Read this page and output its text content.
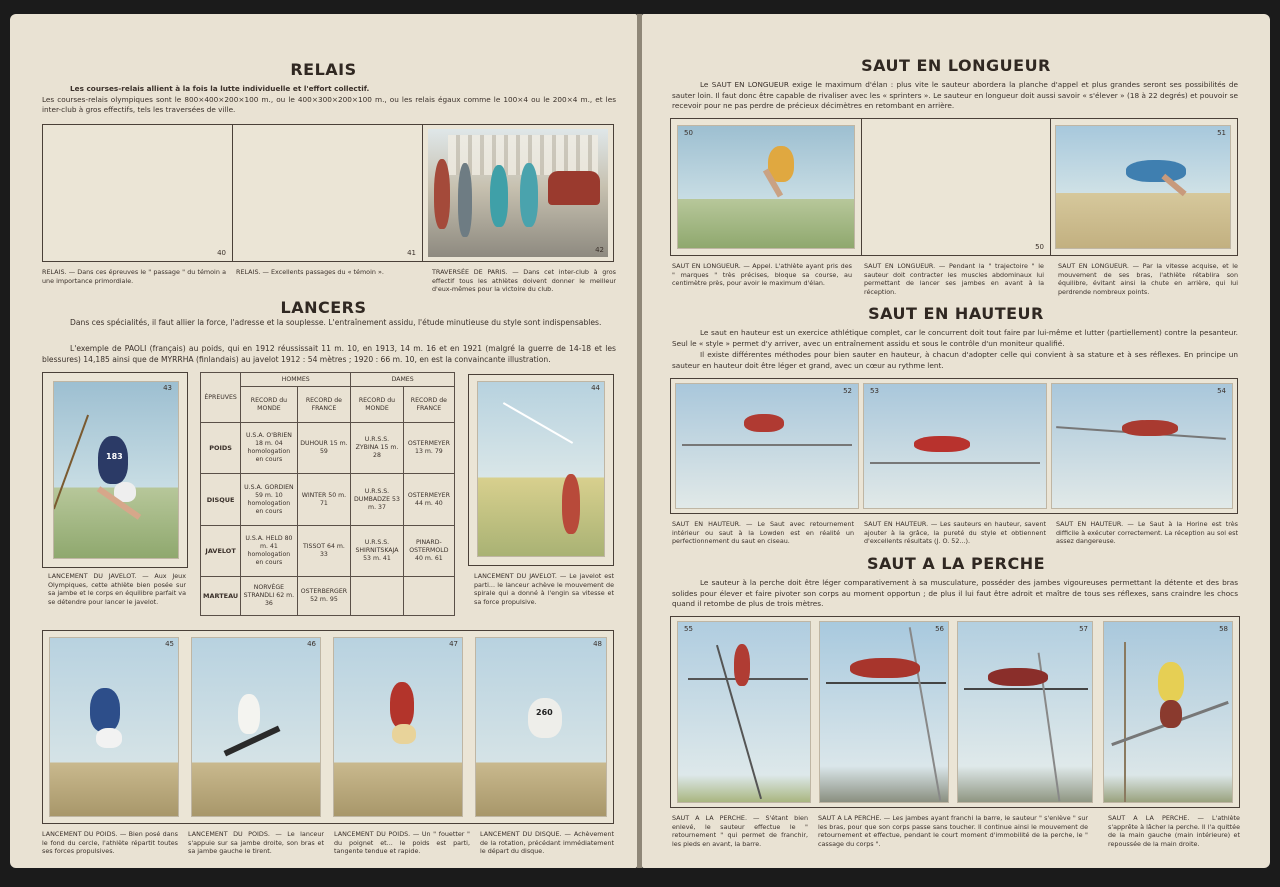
RELAIS
Les courses-relais allient à la fois la lutte individuelle et l'effort collectif.
Les courses-relais olympiques sont le 800×400×200×100 m., ou le 400×300×200×100 m., ou les relais égaux comme le 100×4 ou le 200×4 m., et les inter-club à gros effectifs, tels les traversées de ville.
40	41	42
RELAIS. — Dans ces épreuves le " passage " du témoin a une importance primordiale.
RELAIS. — Excellents passages du « témoin ».	TRAVERSÉE DE PARIS. — Dans cet inter-club à gros effectif tous les athlètes doivent donner le meilleur d'eux-mêmes pour la victoire du club.
LANCERS
Dans ces spécialités, il faut allier la force, l'adresse et la souplesse. L'entraînement assidu, l'étude minutieuse du style sont indispensables.
L'exemple de PAOLI (français) au poids, qui en 1912 réussissait 11 m. 10, en 1913, 14 m. 16 et en 1921 (malgré la guerre de 14-18 et les blessures) 14,185 ainsi que de MYRRHA (finlandais) au javelot 1912 : 54 mètres ; 1920 : 66 m. 10, en est la convaincante illustration.
183
43
LANCEMENT DU JAVELOT. — Aux Jeux Olympiques, cette athlète bien posée sur sa jambe et le corps en équilibre parfait va se détendre pour lancer le javelot.
ÉPREUVES	HOMMES		DAMES	
	RECORD du MONDE	RECORD de FRANCE	RECORD du MONDE	RECORD de FRANCE
POIDS	U.S.A. O'BRIEN 18 m. 04 homologation en cours	DUHOUR 15 m. 59	U.R.S.S. ZYBINA 15 m. 28	OSTERMEYER 13 m. 79
DISQUE	U.S.A. GORDIEN 59 m. 10 homologation en cours	WINTER 50 m. 71	U.R.S.S. DUMBADZE 53 m. 37	OSTERMEYER 44 m. 40
JAVELOT	U.S.A. HELD 80 m. 41 homologation en cours	TISSOT 64 m. 33	U.R.S.S. SHIRNITSKAJA 53 m. 41	PINARD-OSTERMOLD 40 m. 61
MARTEAU	NORVÈGE STRANDLI 62 m. 36	OSTERBERGER 52 m. 95		
44
LANCEMENT DU JAVELOT. — Le javelot est parti... le lanceur achève le mouvement de spirale qui a donné à l'engin sa vitesse et sa force propulsive.
45	46	47
260
48
LANCEMENT DU POIDS. — Bien posé dans le fond du cercle, l'athlète répartit toutes ses forces propulsives.
LANCEMENT DU POIDS. — Le lanceur s'appuie sur sa jambe droite, son bras et sa jambe gauche le tirent.
LANCEMENT DU POIDS. — Un " fouetter " du poignet et... le poids est parti, tangente tendue et rapide.
LANCEMENT DU DISQUE. — Achèvement de la rotation, précédant immédiatement le départ du disque.
SAUT EN LONGUEUR
Le SAUT EN LONGUEUR exige le maximum d'élan : plus vite le sauteur abordera la planche d'appel et plus grandes seront ses possibilités de sauter loin. Il faut donc être capable de rivaliser avec les « sprinters ». Le sauteur en longueur doit aussi savoir « s'élever » (18 à 22 degrés) et pouvoir se recevoir pour ne pas perdre de précieux décimètres en retombant en arrière.
50
50
51
SAUT EN LONGUEUR. — Appel. L'athlète ayant pris des " marques " très précises, bloque sa course, au centimètre près, pour avoir le maximum d'élan.
SAUT EN LONGUEUR. — Pendant la " trajectoire " le sauteur doit contracter les muscles abdominaux lui permettant de lancer ses jambes en avant à la réception.
SAUT EN LONGUEUR. — Par la vitesse acquise, et le mouvement de ses bras, l'athlète rétablira son équilibre, évitant ainsi la chute en arrière, qui lui perdrende nombreux points.
SAUT EN HAUTEUR
Le saut en hauteur est un exercice athlétique complet, car le concurrent doit tout faire par lui-même et lutter (partiellement) contre la pesanteur. Seul le « style » permet d'y arriver, avec un entraînement assidu et sous le contrôle d'un moniteur qualifié.
Il existe différentes méthodes pour bien sauter en hauteur, à chacun d'adopter celle qui convient à sa stature et à ses réflexes. En principe un sauteur en hauteur doit être léger et grand, avec un cœur au rythme lent.
52	53	54
SAUT EN HAUTEUR. — Le Saut avec retournement intérieur ou saut à la Lowden est en réalité un perfectionnement du saut en ciseau.
SAUT EN HAUTEUR. — Les sauteurs en hauteur, savent ajouter à la grâce, la pureté du style et obtiennent d'excellents résultats (J. O. 52...).
SAUT EN HAUTEUR. — Le Saut à la Horine est très difficile à exécuter correctement. La réception au sol est assez dangereuse.
SAUT A LA PERCHE
Le sauteur à la perche doit être léger comparativement à sa musculature, posséder des jambes vigoureuses permettant la détente et des bras solides pour élever et faire pivoter son corps au moment opportun ; de plus il lui faut être adroit et maître de tous ses réflexes, sans craindre les chocs quand il retombe de plus de trois mètres.
55	56	57	58
SAUT A LA PERCHE. — S'étant bien enlevé, le sauteur effectue le " retournement " qui permet de franchir, les pieds en avant, la barre.
SAUT A LA PERCHE. — Les jambes ayant franchi la barre, le sauteur " s'enlève " sur les bras, pour que son corps passe sans toucher. Il continue ainsi le mouvement de retournement et effectue, pendant le court moment d'immobilité de la perche, le " cassage du corps ".
SAUT A LA PERCHE. — L'athlète s'apprête à lâcher la perche. Il l'a quittée de la main gauche (main intérieure) et repoussée de la main droite.
